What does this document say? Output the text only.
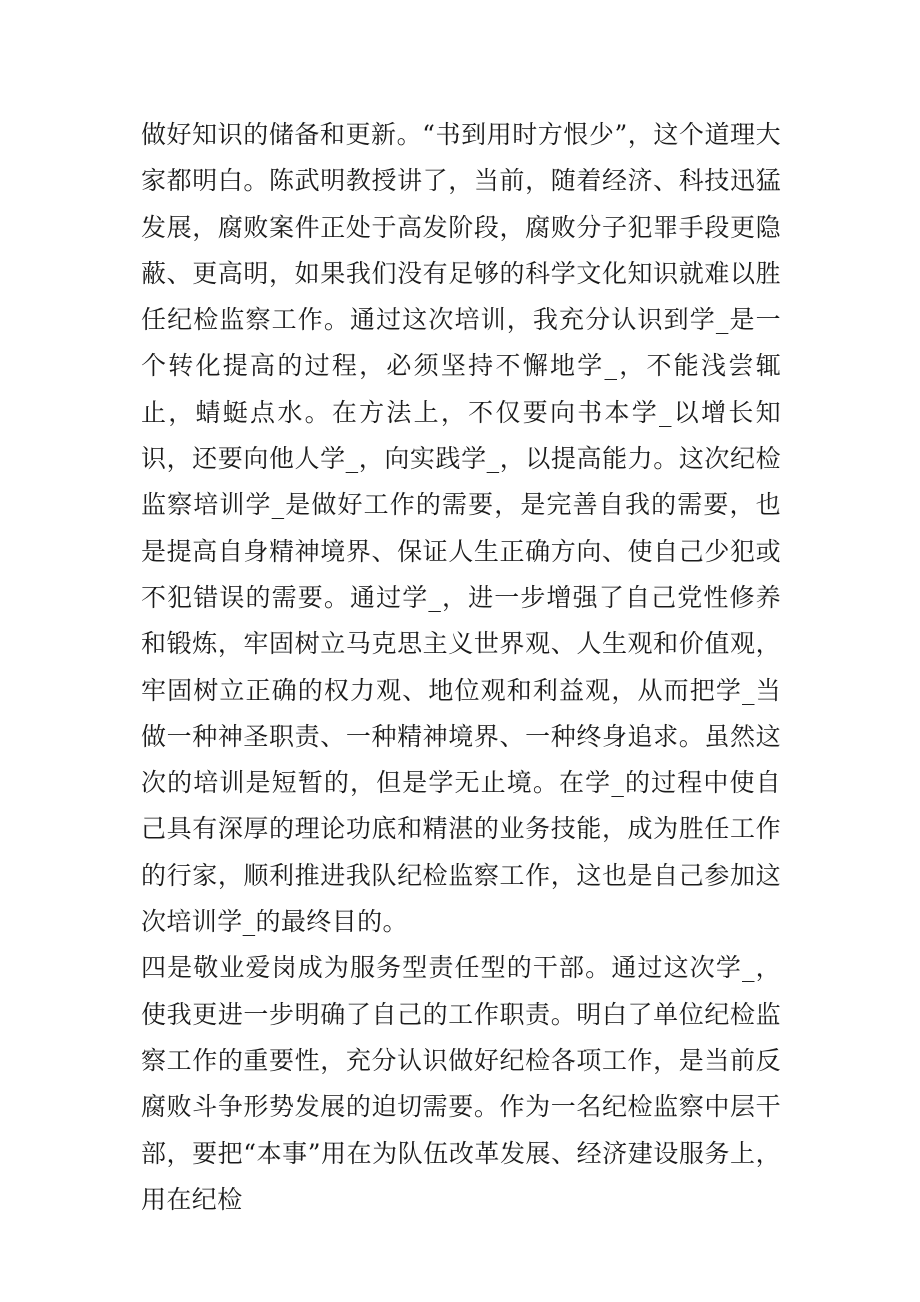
做好知识的储备和更新。“书到用时方恨少”，这个道理大家都明白。陈武明教授讲了，当前，随着经济、科技迅猛发展，腐败案件正处于高发阶段，腐败分子犯罪手段更隐蔽、更高明，如果我们没有足够的科学文化知识就难以胜任纪检监察工作。通过这次培训，我充分认识到学_是一个转化提高的过程，必须坚持不懈地学_，不能浅尝辄止，蜻蜓点水。在方法上，不仅要向书本学_以增长知识，还要向他人学_，向实践学_，以提高能力。这次纪检监察培训学_是做好工作的需要，是完善自我的需要，也是提高自身精神境界、保证人生正确方向、使自己少犯或不犯错误的需要。通过学_，进一步增强了自己党性修养和锻炼，牢固树立马克思主义世界观、人生观和价值观，牢固树立正确的权力观、地位观和利益观，从而把学_当做一种神圣职责、一种精神境界、一种终身追求。虽然这次的培训是短暂的，但是学无止境。在学_的过程中使自己具有深厚的理论功底和精湛的业务技能，成为胜任工作的行家，顺利推进我队纪检监察工作，这也是自己参加这次培训学_的最终目的。

四是敬业爱岗成为服务型责任型的干部。通过这次学_，使我更进一步明确了自己的工作职责。明白了单位纪检监察工作的重要性，充分认识做好纪检各项工作，是当前反腐败斗争形势发展的迫切需要。作为一名纪检监察中层干部，要把“本事”用在为队伍改革发展、经济建设服务上，用在纪检
